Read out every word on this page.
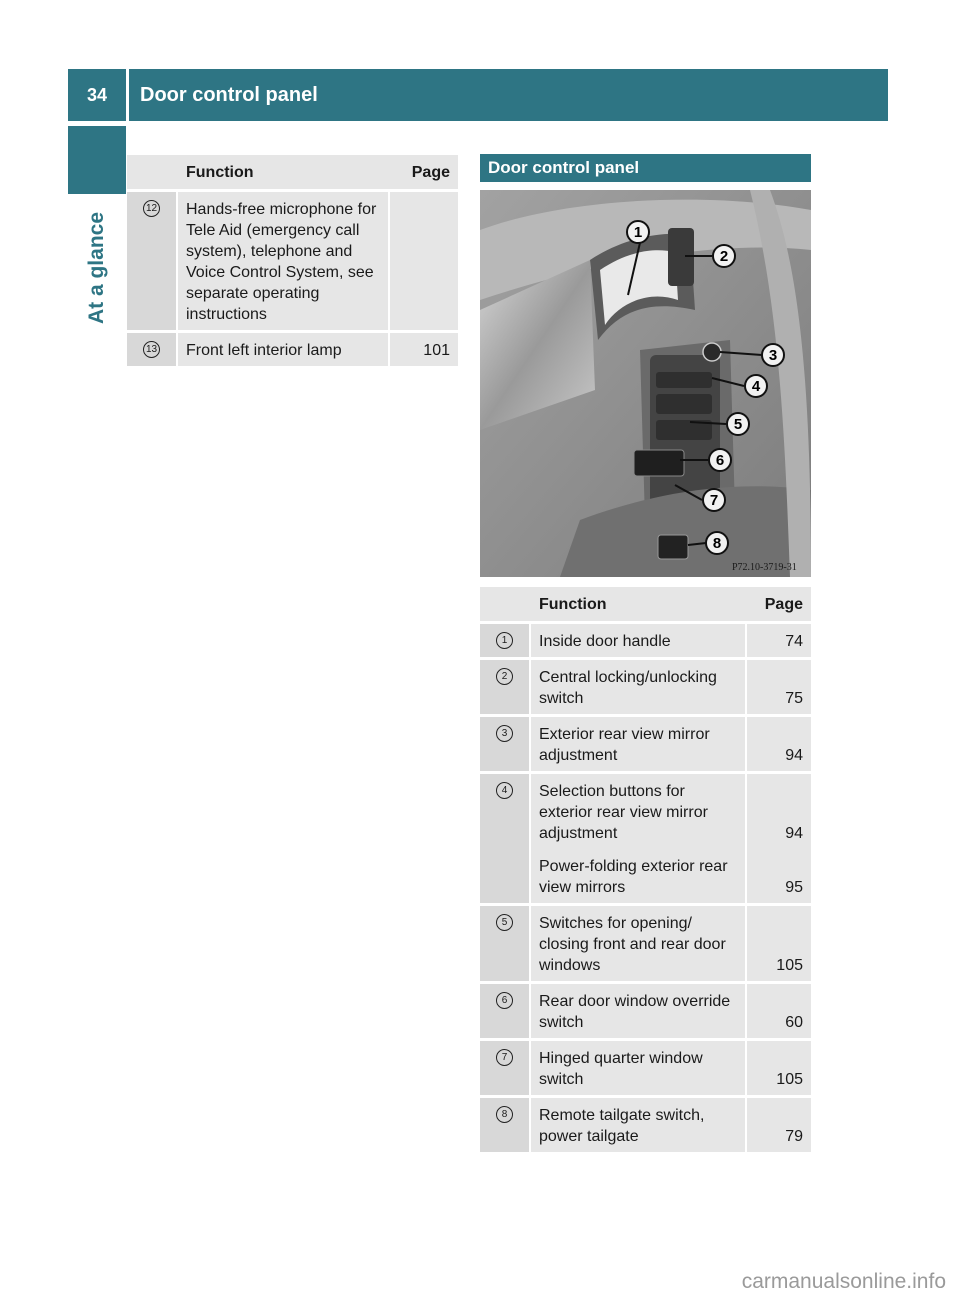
34	Door control panel
At a glance
	Function	Page
12	Hands-free microphone for Tele Aid (emergency call system), telephone and Voice Control System, see separate operating instructions	
13	Front left interior lamp	101
Door control panel
1
2
3
4
5
6
7
8
P72.10-3719-31
	Function	Page
1	Inside door handle	74
2	Central locking/unlocking switch	75
3	Exterior rear view mirror adjustment	94
4	Selection buttons for exterior rear view mirror adjustment	94
	Power-folding exterior rear view mirrors	95
5	Switches for opening/ closing front and rear door windows	105
6	Rear door window override switch	60
7	Hinged quarter window switch	105
8	Remote tailgate switch, power tailgate	79
carmanualsonline.info
